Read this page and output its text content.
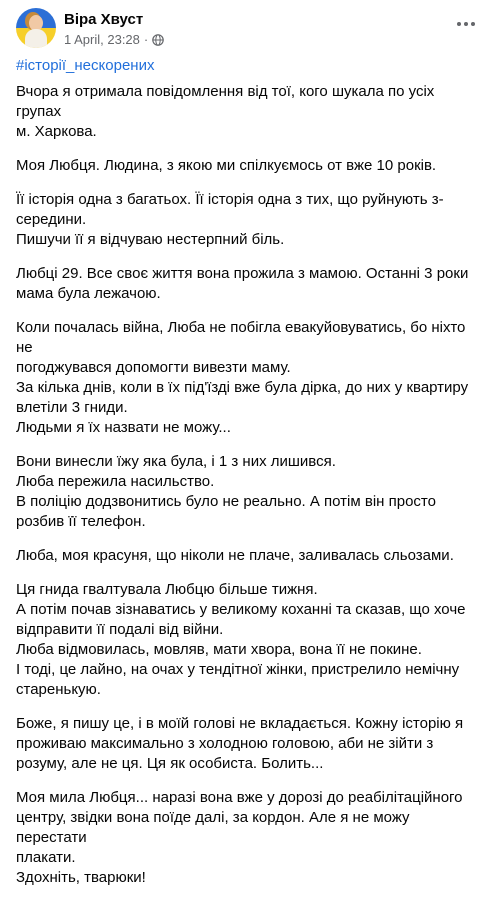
Віра Хвуст
1 April, 23:28 ·
#історії_нескорених
Вчора я отримала повідомлення від тої, кого шукала по усіх групах
м. Харкова.
Моя Любця. Людина, з якою ми спілкуємось от вже 10 років.
Її історія одна з багатьох. Її історія одна з тих, що руйнують з-
середини.
Пишучи її я відчуваю нестерпний біль.
Любці 29. Все своє життя вона прожила з мамою. Останні 3 роки
мама була лежачою.
Коли почалась війна, Люба не побігла евакуйовуватись, бо ніхто не
погоджувався допомогти вивезти маму.
За кілька днів, коли в їх під'їзді вже була дірка, до них у квартиру
влетіли 3 гниди.
Людьми я їх назвати не можу...
Вони винесли їжу яка була, і 1 з них лишився.
Люба пережила насильство.
В поліцію додзвонитись було не реально. А потім він просто
розбив її телефон.
Люба, моя красуня, що ніколи не плаче, заливалась сльозами.
Ця гнида гвалтувала Любцю більше тижня.
А потім почав зізнаватись у великому коханні та сказав, що хоче
відправити її подалі від війни.
Люба відмовилась, мовляв, мати хвора, вона її не покине.
І тоді, це лайно, на очах у тендітної жінки, пристрелило немічну
старенькую.
Боже, я пишу це, і в моїй голові не вкладається. Кожну історію я
проживаю максимально з холодною головою, аби не зійти з
розуму, але не ця. Ця як особиста. Болить...
Моя мила Любця... наразі вона вже у дорозі до реабілітаційного
центру, звідки вона поїде далі, за кордон. Але я не можу перестати
плакати.
Здохніть, тварюки!
